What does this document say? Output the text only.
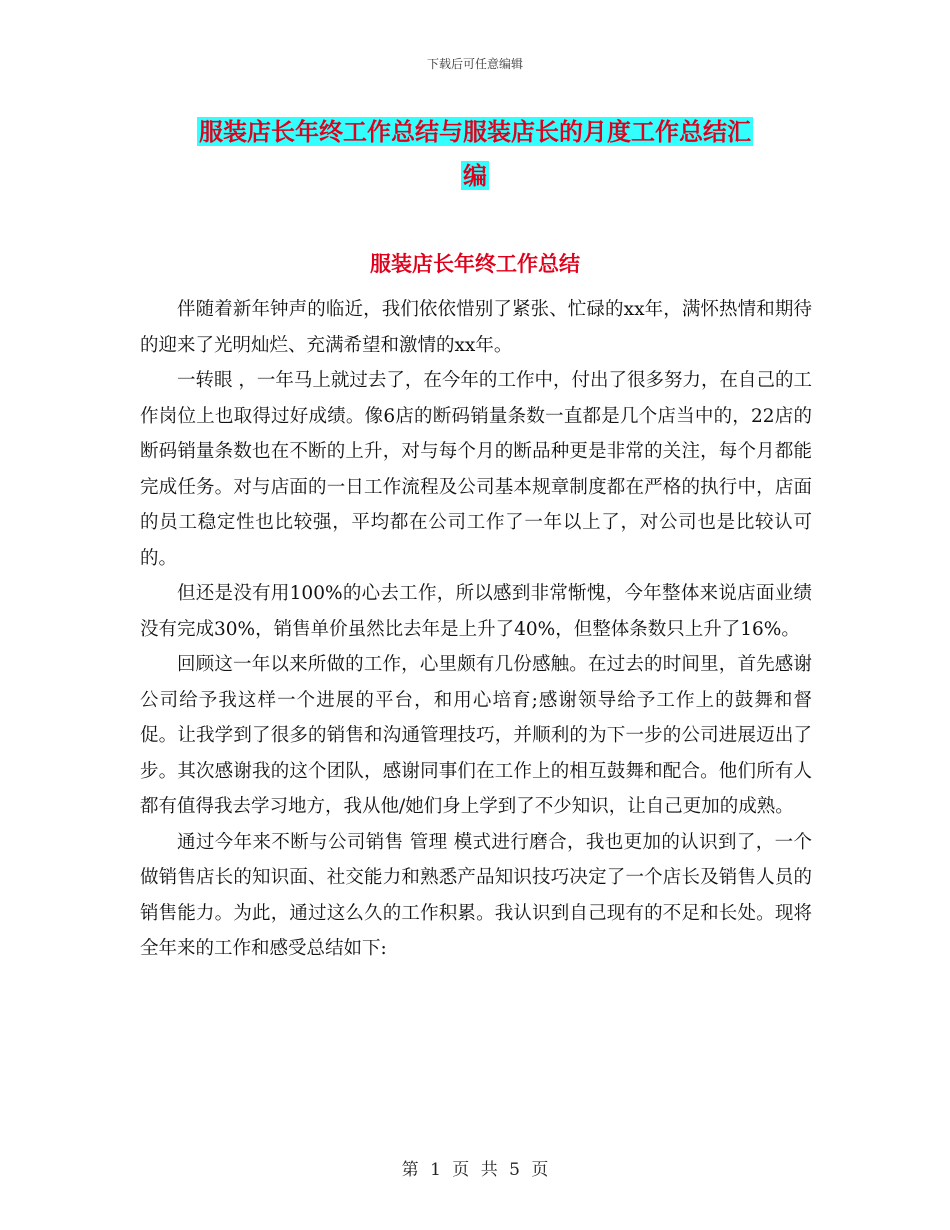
下载后可任意编辑
服装店长年终工作总结与服装店长的月度工作总结汇
编
服装店长年终工作总结

伴随着新年钟声的临近，我们依依惜别了紧张、忙碌的xx年，满怀热情和期待的迎来了光明灿烂、充满希望和激情的xx年。

一转眼 ，一年马上就过去了，在今年的工作中，付出了很多努力，在自己的工作岗位上也取得过好成绩。像6店的断码销量条数一直都是几个店当中的，22店的断码销量条数也在不断的上升，对与每个月的断品种更是非常的关注，每个月都能完成任务。对与店面的一日工作流程及公司基本规章制度都在严格的执行中，店面的员工稳定性也比较强，平均都在公司工作了一年以上了，对公司也是比较认可的。

但还是没有用100%的心去工作，所以感到非常惭愧，今年整体来说店面业绩没有完成30%，销售单价虽然比去年是上升了40%，但整体条数只上升了16%。

回顾这一年以来所做的工作，心里颇有几份感触。在过去的时间里，首先感谢公司给予我这样一个进展的平台，和用心培育;感谢领导给予工作上的鼓舞和督促。让我学到了很多的销售和沟通管理技巧，并顺利的为下一步的公司进展迈出了步。其次感谢我的这个团队，感谢同事们在工作上的相互鼓舞和配合。他们所有人都有值得我去学习地方，我从他/她们身上学到了不少知识，让自己更加的成熟。

通过今年来不断与公司销售 管理 模式进行磨合，我也更加的认识到了，一个做销售店长的知识面、社交能力和熟悉产品知识技巧决定了一个店长及销售人员的销售能力。为此，通过这么久的工作积累。我认识到自己现有的不足和长处。现将全年来的工作和感受总结如下:

第 1 页 共 5 页
